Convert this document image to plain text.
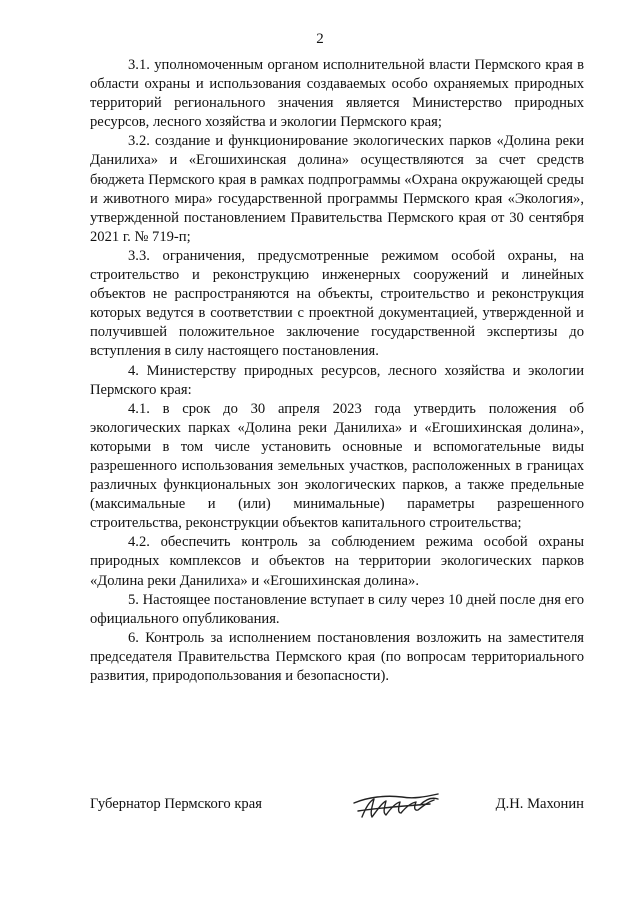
2

3.1. уполномоченным органом исполнительной власти Пермского края в области охраны и использования создаваемых особо охраняемых природных территорий регионального значения является Министерство природных ресурсов, лесного хозяйства и экологии Пермского края;

3.2. создание и функционирование экологических парков «Долина реки Данилиха» и «Егошихинская долина» осуществляются за счет средств бюджета Пермского края в рамках подпрограммы «Охрана окружающей среды и животного мира» государственной программы Пермского края «Экология», утвержденной постановлением Правительства Пермского края от 30 сентября 2021 г. № 719-п;

3.3. ограничения, предусмотренные режимом особой охраны, на строительство и реконструкцию инженерных сооружений и линейных объектов не распространяются на объекты, строительство и реконструкция которых ведутся в соответствии с проектной документацией, утвержденной и получившей положительное заключение государственной экспертизы до вступления в силу настоящего постановления.

4. Министерству природных ресурсов, лесного хозяйства и экологии Пермского края:

4.1. в срок до 30 апреля 2023 года утвердить положения об экологических парках «Долина реки Данилиха» и «Егошихинская долина», которыми в том числе установить основные и вспомогательные виды разрешенного использования земельных участков, расположенных в границах различных функциональных зон экологических парков, а также предельные (максимальные и (или) минимальные) параметры разрешенного строительства, реконструкции объектов капитального строительства;

4.2. обеспечить контроль за соблюдением режима особой охраны природных комплексов и объектов на территории экологических парков «Долина реки Данилиха» и «Егошихинская долина».

5. Настоящее постановление вступает в силу через 10 дней после дня его официального опубликования.

6. Контроль за исполнением постановления возложить на заместителя председателя Правительства Пермского края (по вопросам территориального развития, природопользования и безопасности).

Губернатор Пермского края	Д.Н. Махонин
